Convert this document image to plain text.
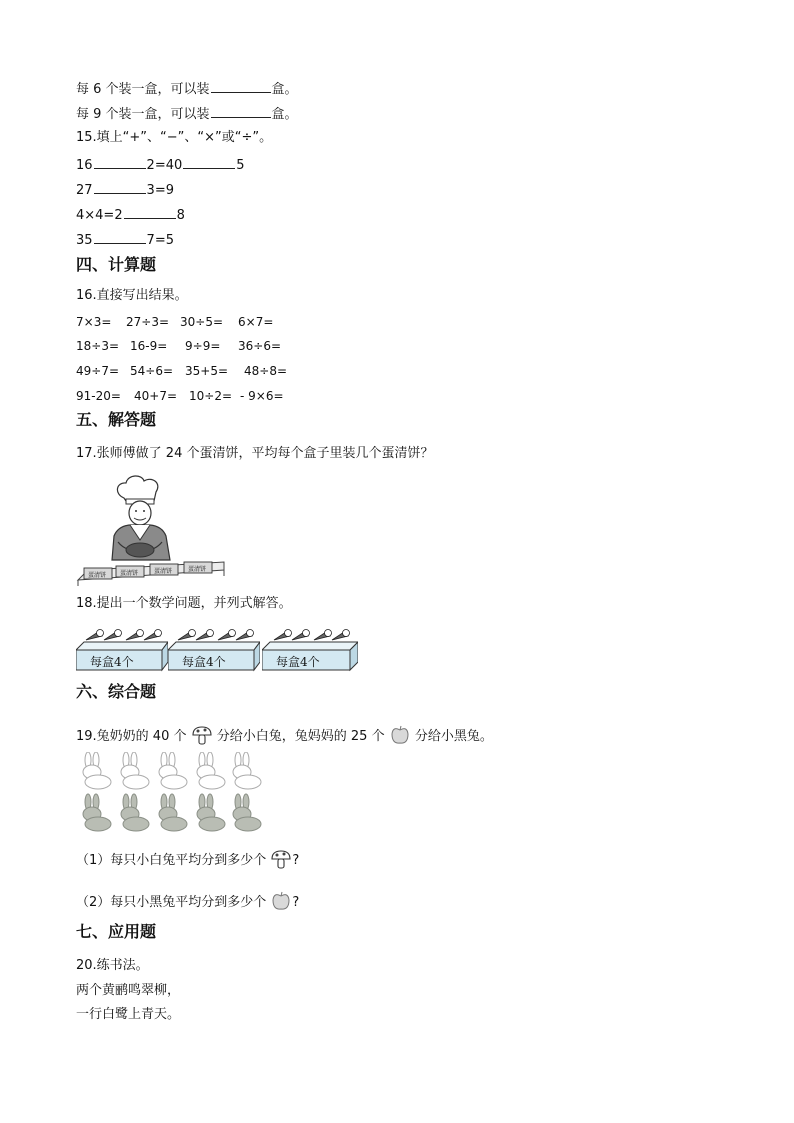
每 6 个装一盒，可以装	盒。
每 9 个装一盒，可以装	盒。
15.填上“+”、“−”、“×”或“÷”。
16	2=40	5
27	3=9
4×4=2	8
35	7=5
四、计算题
16.直接写出结果。
7×3= 27÷3= 30÷5= 6×7=
18÷3= 16-9= 9÷9= 36÷6=
49÷7= 54÷6= 35+5= 48÷8=
91-20= 40+7= 10÷2= - 9×6=
五、解答题
17.张师傅做了 24 个蛋清饼，平均每个盒子里装几个蛋清饼？
蛋清饼 蛋清饼	蛋清饼	蛋清饼
18.提出一个数学问题，并列式解答。
每盒4个	每盒4个	每盒4个
六、综合题
19.兔奶奶的 40 个 分给小白兔，兔妈妈的 25 个 分给小黑兔。
（1）每只小白兔平均分到多少个 ?
（2）每只小黑兔平均分到多少个 ?
七、应用题
20.练书法。
两个黄鹂鸣翠柳，
一行白鹭上青天。
